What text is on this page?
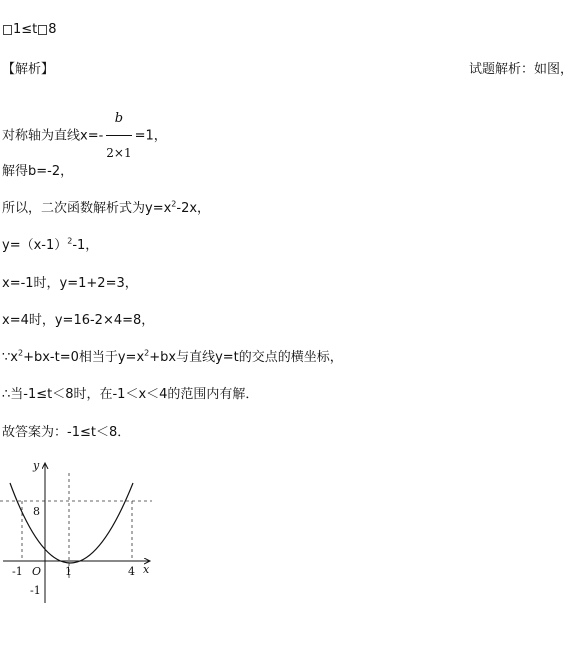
1≤t 8
【解析】	试题解析：如图，
对称轴为直线$x=- \frac{b}{2\times 1} =1$，
解得b=-2，
所以，二次函数解析式为$y=x^2-2x$，
$y=(x-1)^2-1$，
x=-1时，y=1+2=3，
x=4时，y=16-2×4=8，
$\because x^2+bx-t=0$相当于$y=x^2+bx$与直线y=t的交点的横坐标，
∴当-1≤t＜8时，在-1＜x＜4的范围内有解．
故答案为：-1≤t＜8．
y
x
8
-1 O 1	4
-1
